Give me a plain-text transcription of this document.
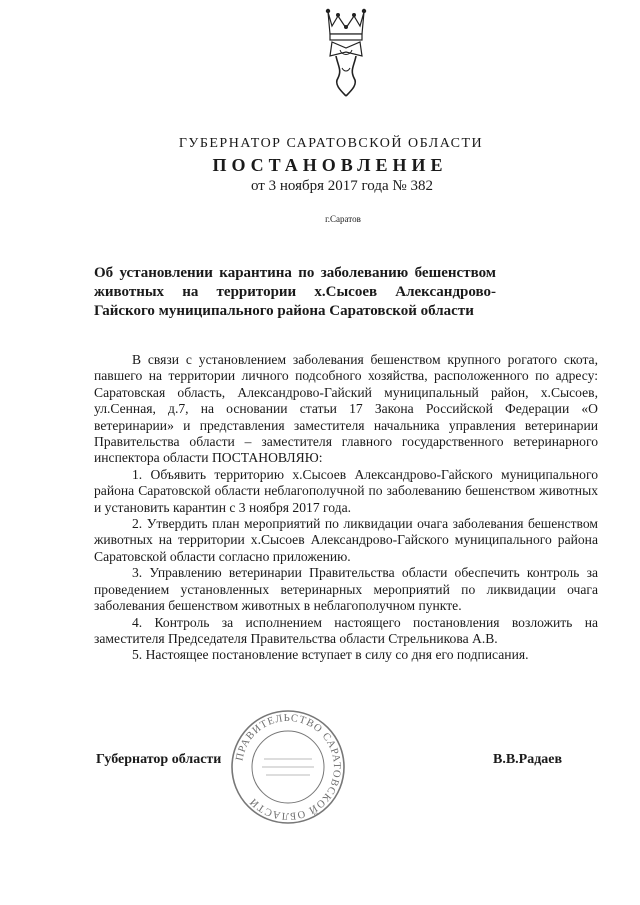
ГУБЕРНАТОР САРАТОВСКОЙ ОБЛАСТИ
ПОСТАНОВЛЕНИЕ
от 3 ноября 2017 года № 382
г.Саратов
Об установлении карантина по заболеванию бешенством
животных на территории х.Сысоев Александрово-
Гайского муниципального района Саратовской области

В связи с установлением заболевания бешенством крупного рогатого скота, павшего на территории личного подсобного хозяйства, расположенного по адресу: Саратовская область, Александрово-Гайский муниципальный район, х.Сысоев, ул.Сенная, д.7, на основании статьи 17 Закона Российской Федерации «О ветеринарии» и представления заместителя начальника управления ветеринарии Правительства области – заместителя главного государственного ветеринарного инспектора области ПОСТАНОВЛЯЮ:

1. Объявить территорию х.Сысоев Александрово-Гайского муниципального района Саратовской области неблагополучной по заболеванию бешенством животных и установить карантин с 3 ноября 2017 года.

2. Утвердить план мероприятий по ликвидации очага заболевания бешенством животных на территории х.Сысоев Александрово-Гайского муниципального района Саратовской области согласно приложению.

3. Управлению ветеринарии Правительства области обеспечить контроль за проведением установленных ветеринарных мероприятий по ликвидации очага заболевания бешенством животных в неблагополучном пункте.

4. Контроль за исполнением настоящего постановления возложить на заместителя Председателя Правительства области Стрельникова А.В.

5. Настоящее постановление вступает в силу со дня его подписания.

Губернатор области	В.В.Радаев
ПРАВИТЕЛЬСТВО САРАТОВСКОЙ ОБЛАСТИ
